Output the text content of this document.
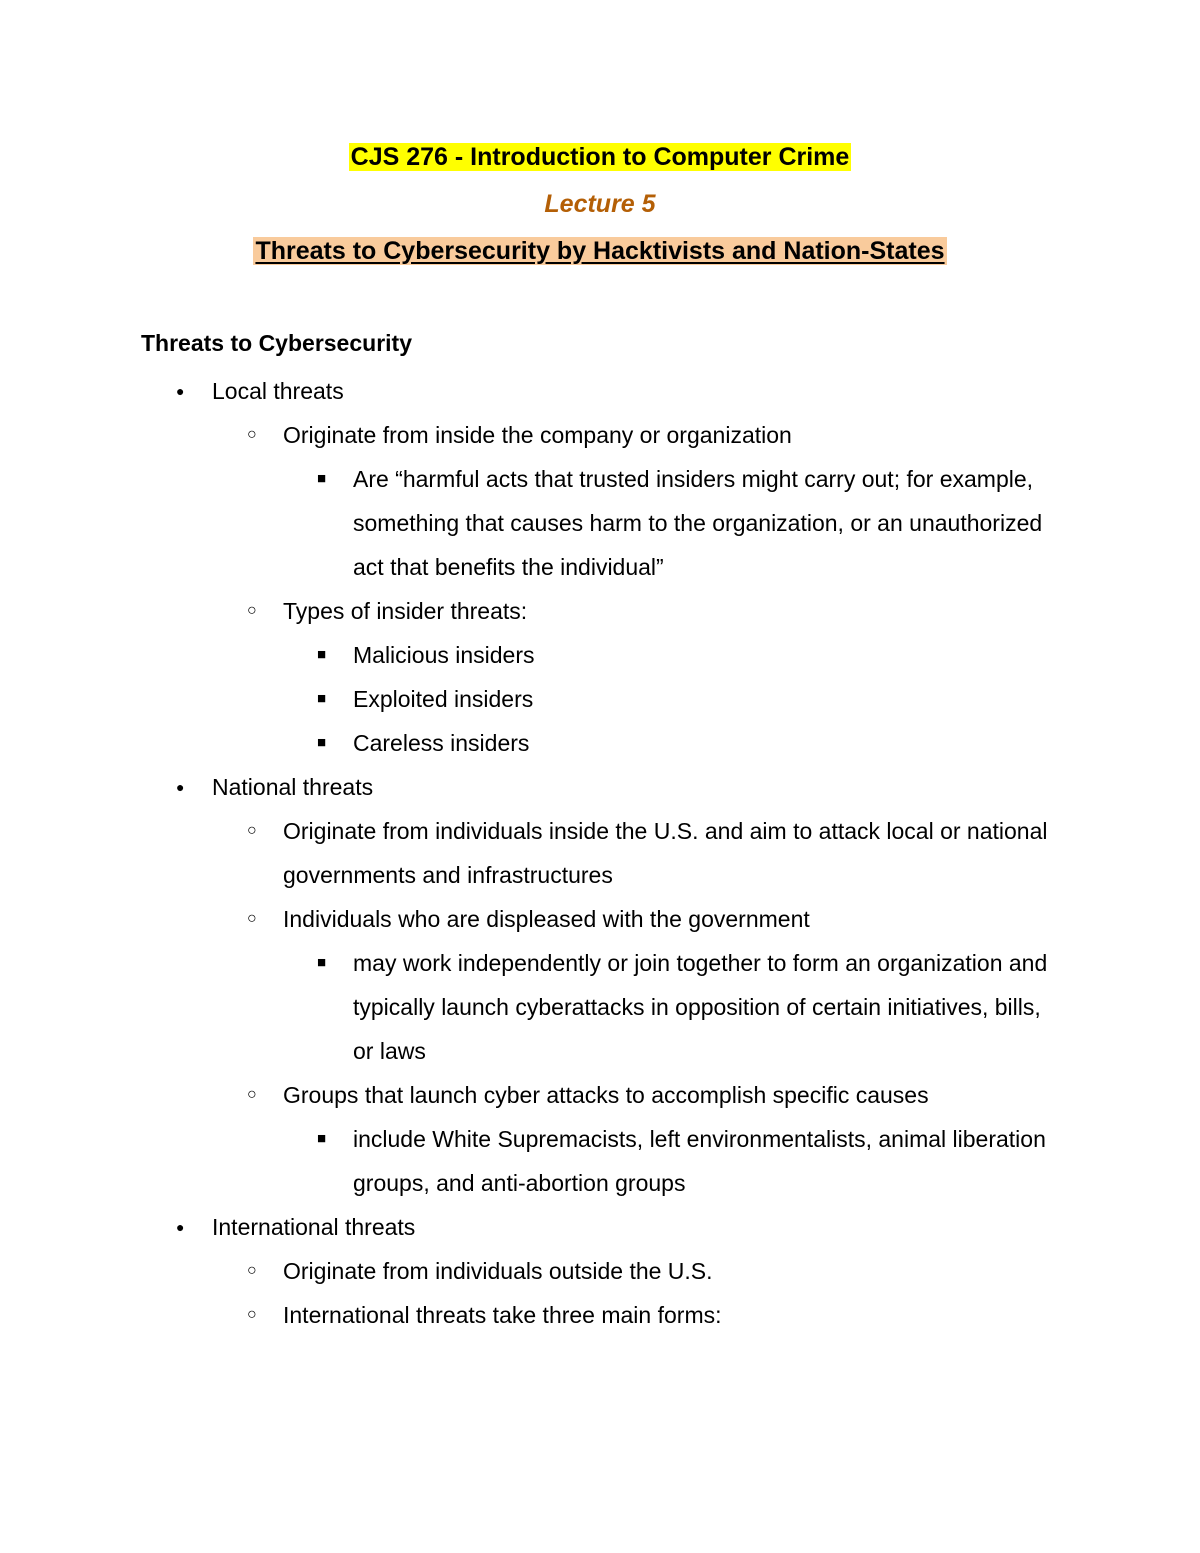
CJS 276 - Introduction to Computer Crime
Lecture 5
Threats to Cybersecurity by Hacktivists and Nation-States
Threats to Cybersecurity
● Local threats
○ Originate from inside the company or organization
■ Are “harmful acts that trusted insiders might carry out; for example, something that causes harm to the organization, or an unauthorized act that benefits the individual”
○ Types of insider threats:
■ Malicious insiders
■ Exploited insiders
■ Careless insiders
● National threats
○ Originate from individuals inside the U.S. and aim to attack local or national governments and infrastructures
○ Individuals who are displeased with the government
■ may work independently or join together to form an organization and typically launch cyberattacks in opposition of certain initiatives, bills, or laws
○ Groups that launch cyber attacks to accomplish specific causes
■ include White Supremacists, left environmentalists, animal liberation groups, and anti-abortion groups
● International threats
○ Originate from individuals outside the U.S.
○ International threats take three main forms:
